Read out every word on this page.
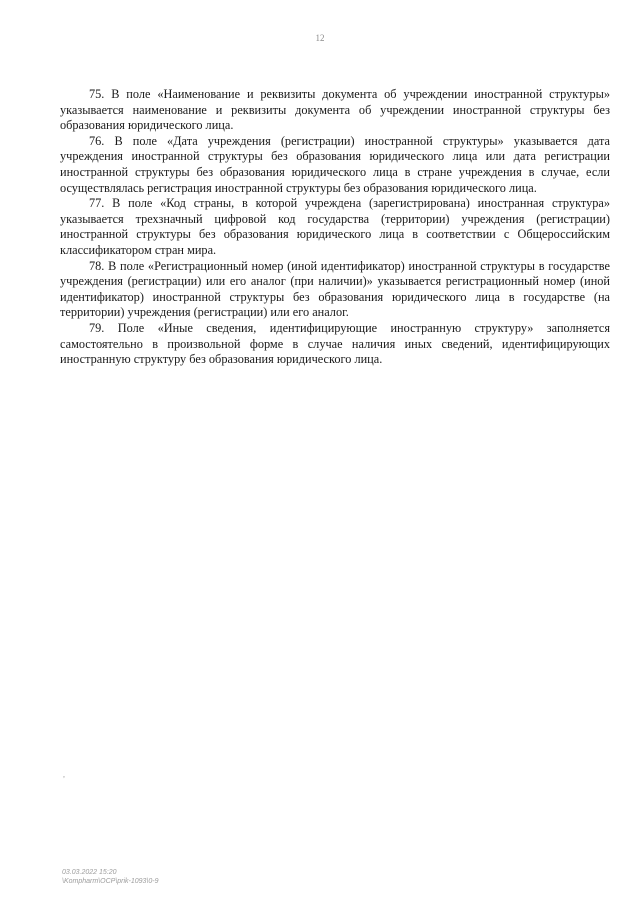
12

75. В поле «Наименование и реквизиты документа об учреждении иностранной структуры» указывается наименование и реквизиты документа об учреждении иностранной структуры без образования юридического лица.

76. В поле «Дата учреждения (регистрации) иностранной структуры» указывается дата учреждения иностранной структуры без образования юридического лица или дата регистрации иностранной структуры без образования юридического лица в стране учреждения в случае, если осуществлялась регистрация иностранной структуры без образования юридического лица.

77. В поле «Код страны, в которой учреждена (зарегистрирована) иностранная структура» указывается трехзначный цифровой код государства (территории) учреждения (регистрации) иностранной структуры без образования юридического лица в соответствии с Общероссийским классификатором стран мира.

78. В поле «Регистрационный номер (иной идентификатор) иностранной структуры в государстве учреждения (регистрации) или его аналог (при наличии)» указывается регистрационный номер (иной идентификатор) иностранной структуры без образования юридического лица в государстве (на территории) учреждения (регистрации) или его аналог.

79. Поле «Иные сведения, идентифицирующие иностранную структуру» заполняется самостоятельно в произвольной форме в случае наличия иных сведений, идентифицирующих иностранную структуру без образования юридического лица.

,
03.03.2022 15:20
\Kompharm\ОСР\prik-1093\0-9
